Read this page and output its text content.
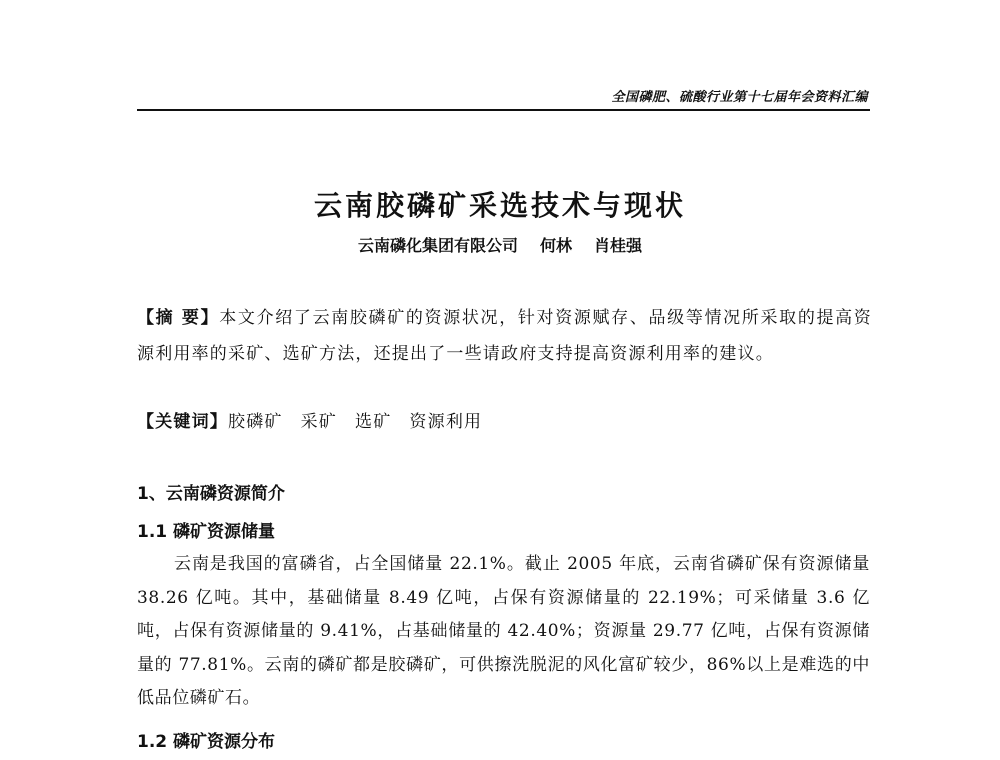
全国磷肥、硫酸行业第十七届年会资料汇编
云南胶磷矿采选技术与现状
云南磷化集团有限公司 何林 肖桂强
【摘 要】本文介绍了云南胶磷矿的资源状况，针对资源赋存、品级等情况所采取的提高资源利用率的采矿、选矿方法，还提出了一些请政府支持提高资源利用率的建议。
【关键词】胶磷矿 采矿 选矿 资源利用
1、云南磷资源简介
1.1 磷矿资源储量
云南是我国的富磷省，占全国储量 22.1%。截止 2005 年底，云南省磷矿保有资源储量 38.26 亿吨。其中，基础储量 8.49 亿吨，占保有资源储量的 22.19%；可采储量 3.6 亿吨，占保有资源储量的 9.41%，占基础储量的 42.40%；资源量 29.77 亿吨，占保有资源储量的 77.81%。云南的磷矿都是胶磷矿，可供擦洗脱泥的风化富矿较少，86%以上是难选的中低品位磷矿石。
1.2 磷矿资源分布
